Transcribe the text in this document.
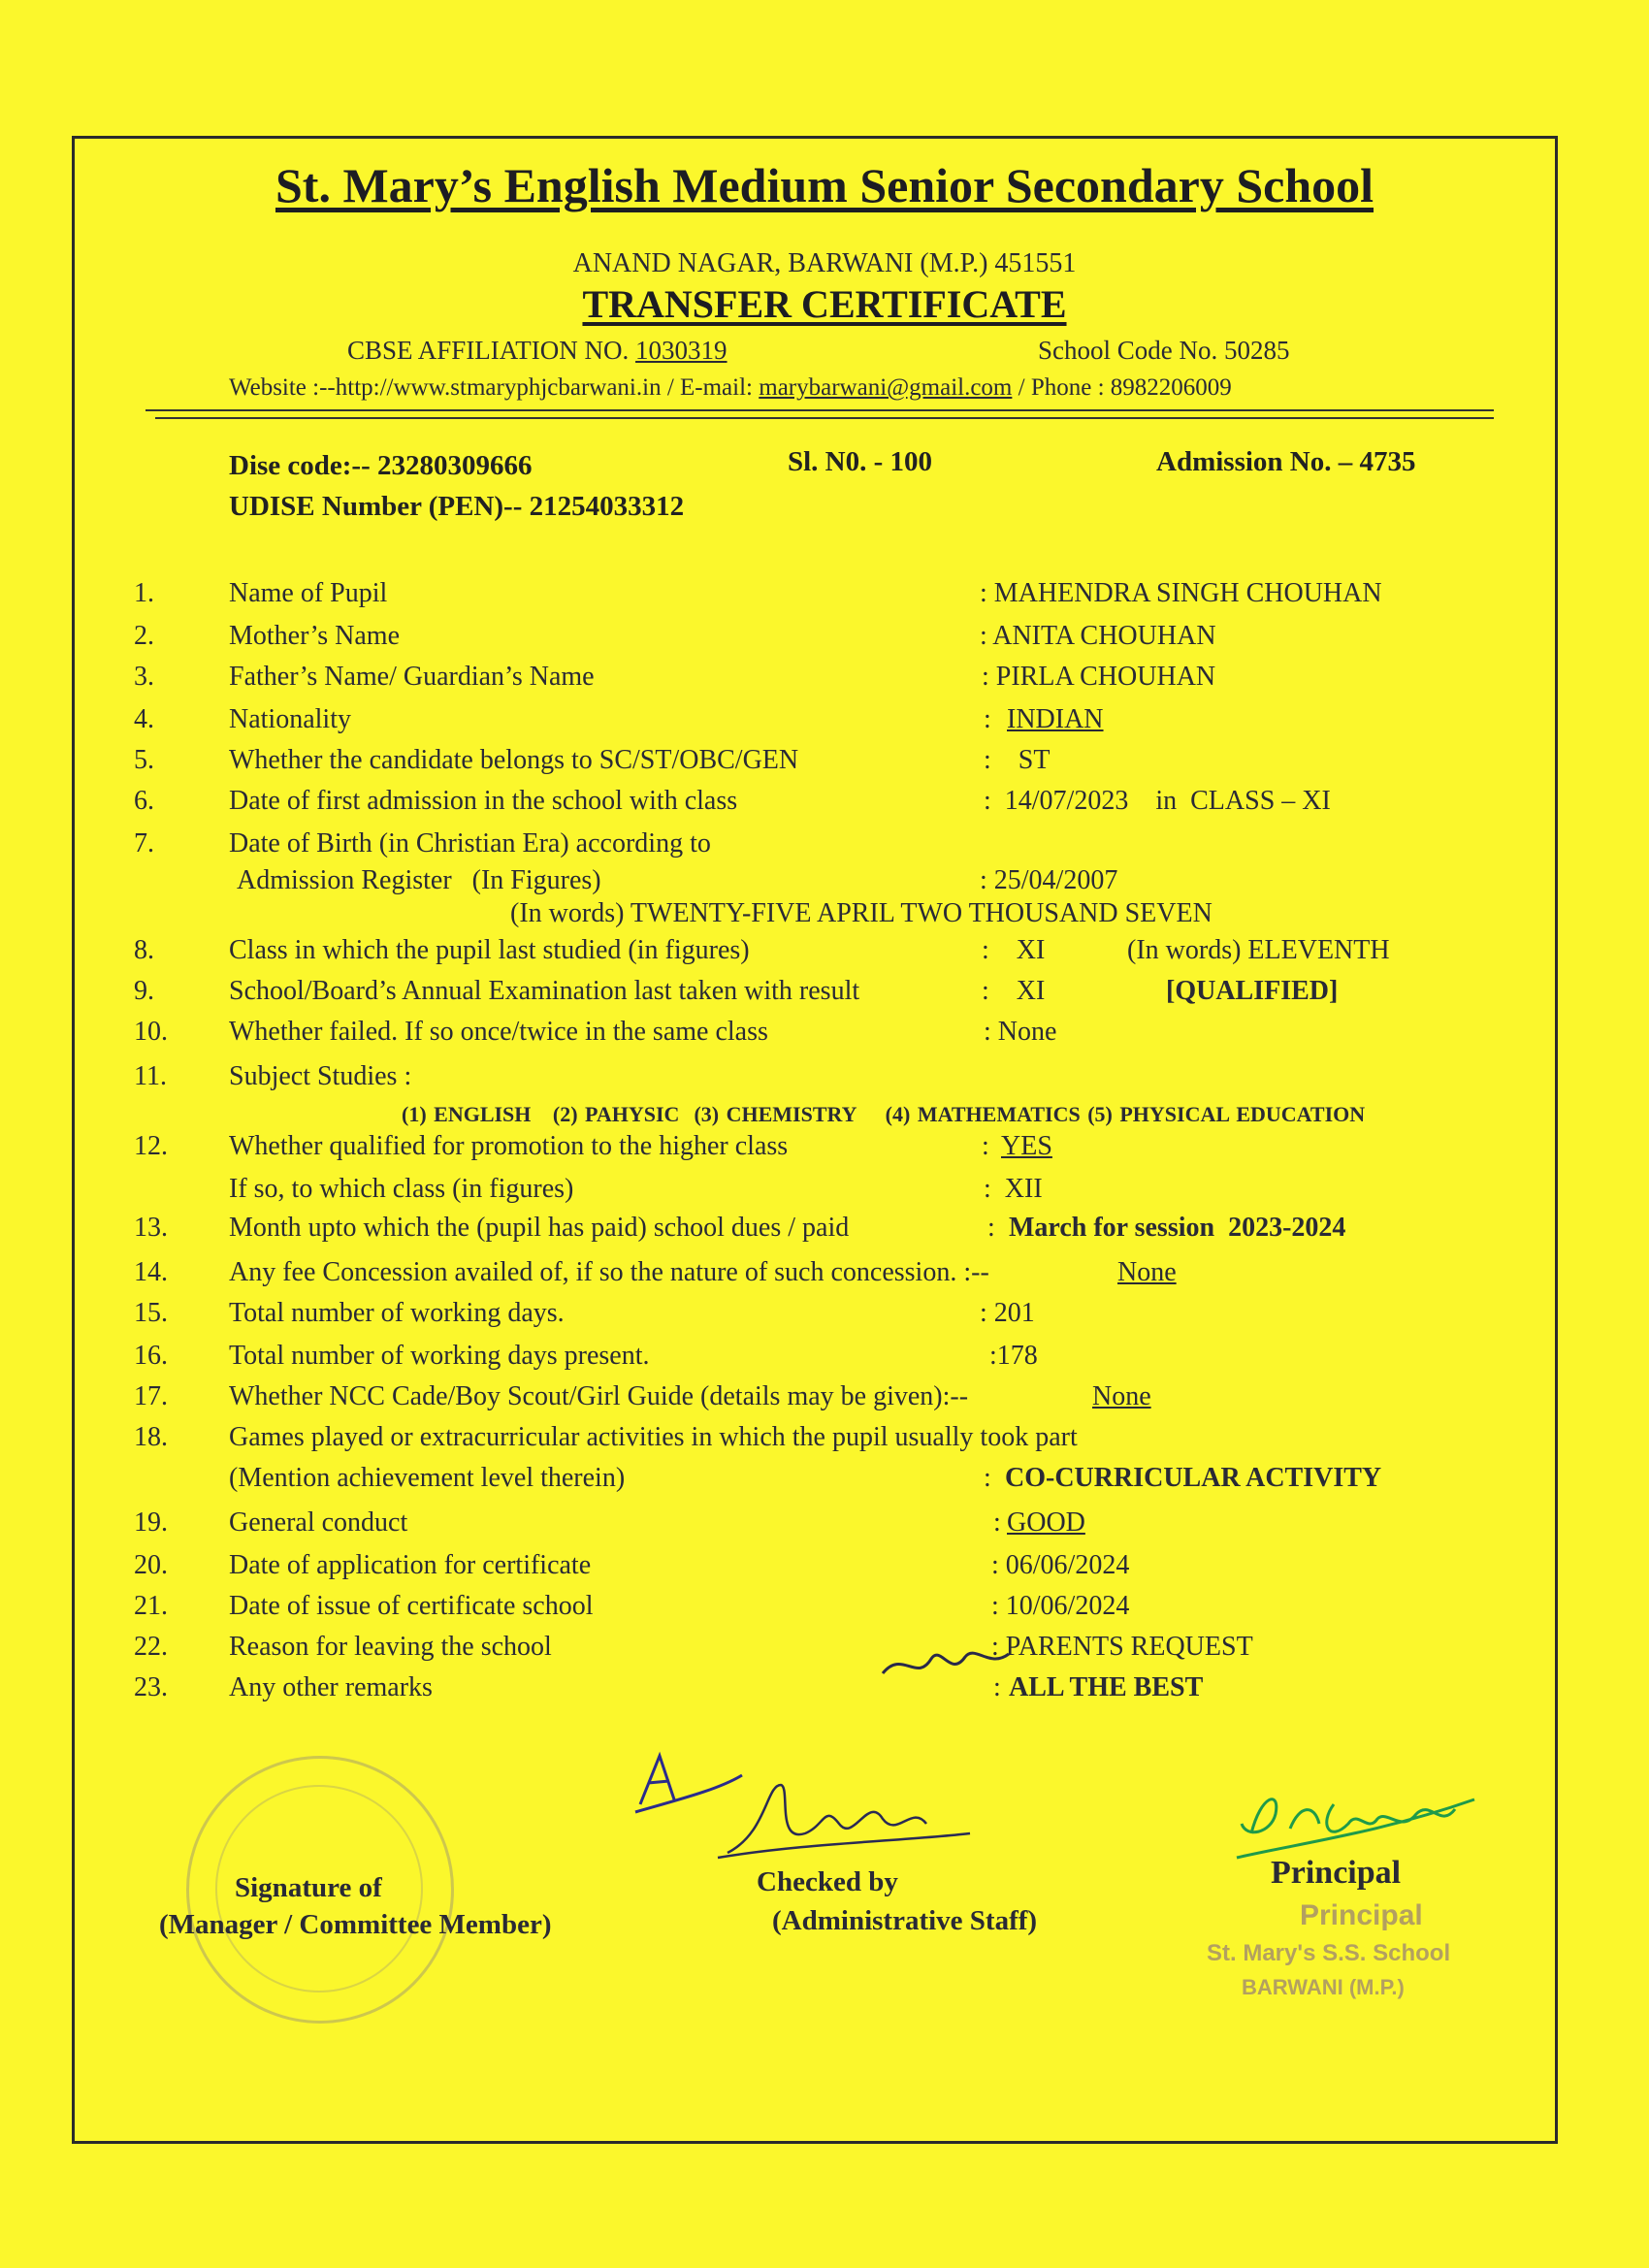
St. Mary’s English Medium Senior Secondary School
ANAND NAGAR, BARWANI (M.P.) 451551
TRANSFER CERTIFICATE
CBSE AFFILIATION NO. 1030319	School Code No. 50285
Website :--http://www.stmaryphjcbarwani.in / E-mail: marybarwani@gmail.com / Phone : 8982206009
Dise code:-- 23280309666	Sl. N0. - 100	Admission No. – 4735
UDISE Number (PEN)-- 21254033312
1.	Name of Pupil	: MAHENDRA SINGH CHOUHAN
2.	Mother’s Name	: ANITA CHOUHAN
3.	Father’s Name/ Guardian’s Name	: PIRLA CHOUHAN
4.	Nationality	: INDIAN
5.	Whether the candidate belongs to SC/ST/OBC/GEN	:    ST
6.	Date of first admission in the school with class	:  14/07/2023    in  CLASS – XI
7.	Date of Birth (in Christian Era) according to
Admission Register   (In Figures)	: 25/04/2007
(In words) TWENTY-FIVE APRIL TWO THOUSAND SEVEN
8.	Class in which the pupil last studied (in figures)	:    XI	(In words) ELEVENTH
9.	School/Board’s Annual Examination last taken with result	:    XI	[QUALIFIED]
10. Whether failed. If so once/twice in the same class	: None
11. Subject Studies :
(1) ENGLISH   (2) PAHYSIC  (3) CHEMISTRY    (4) MATHEMATICS (5) PHYSICAL EDUCATION
12. Whether qualified for promotion to the higher class	: YES
If so, to which class (in figures)	:  XII
13. Month upto which the (pupil has paid) school dues / paid	: March for session  2023-2024
14. Any fee Concession availed of, if so the nature of such concession. :--	None
15. Total number of working days.	: 201
16. Total number of working days present.	:178
17. Whether NCC Cade/Boy Scout/Girl Guide (details may be given):--	None
18. Games played or extracurricular activities in which the pupil usually took part
(Mention achievement level therein)	: CO-CURRICULAR ACTIVITY
19. General conduct	: GOOD
20. Date of application for certificate	: 06/06/2024
21. Date of issue of certificate school	: 10/06/2024
22. Reason for leaving the school	: PARENTS REQUEST
23. Any other remarks	: ALL THE BEST
Signature of
(Manager / Committee Member)
Checked by
(Administrative Staff)
Principal
Principal
St. Mary's S.S. School
BARWANI (M.P.)
